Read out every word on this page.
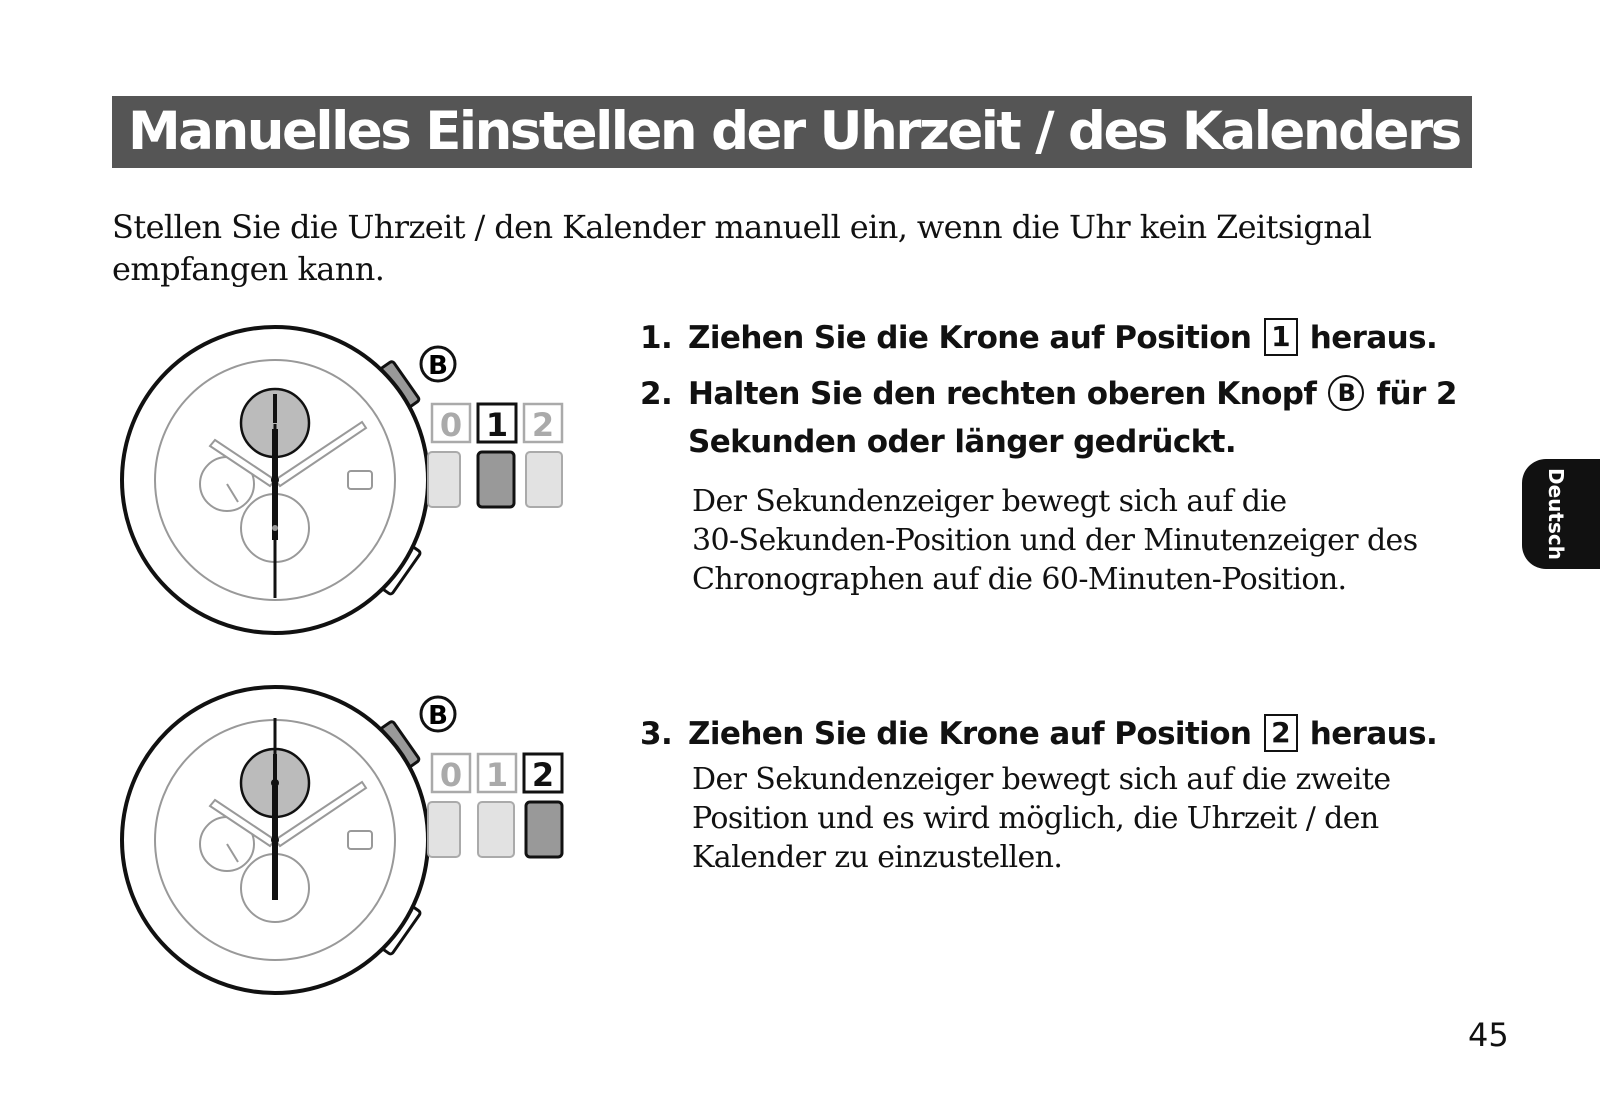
Manuelles Einstellen der Uhrzeit / des Kalenders
Stellen Sie die Uhrzeit / den Kalender manuell ein, wenn die Uhr kein Zeitsignal empfangen kann.
B
0 1 2
B
0 1 2
1. Ziehen Sie die Krone auf Position 1 heraus.
2. Halten Sie den rechten oberen Knopf B für 2
Sekunden oder länger gedrückt.
Der Sekundenzeiger bewegt sich auf die
30-Sekunden-Position und der Minutenzeiger des
Chronographen auf die 60-Minuten-Position.
3. Ziehen Sie die Krone auf Position 2 heraus.
Der Sekundenzeiger bewegt sich auf die zweite
Position und es wird möglich, die Uhrzeit / den
Kalender zu einzustellen.
Deutsch
45
